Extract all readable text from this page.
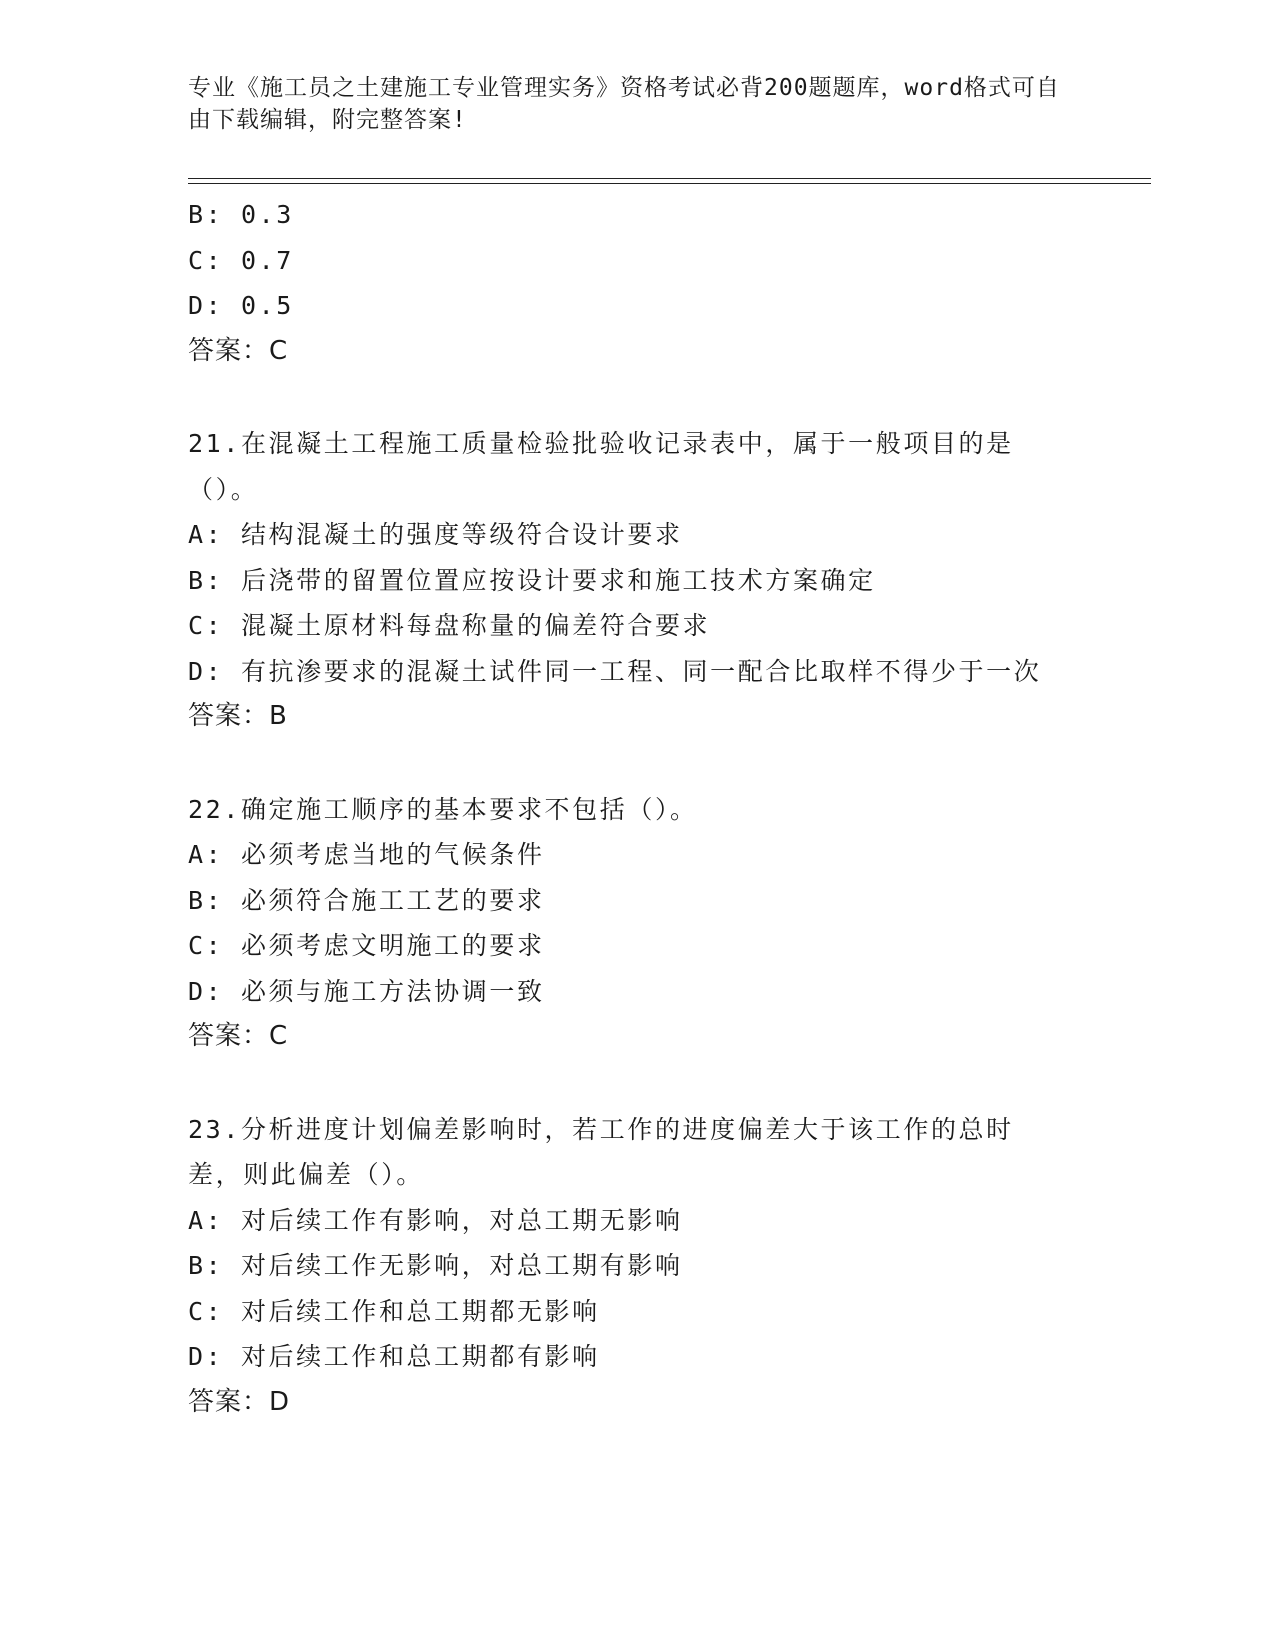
专业《施工员之土建施工专业管理实务》资格考试必背200题题库，word格式可自由下载编辑，附完整答案!
B: 0.3
C: 0.7
D: 0.5
答案：C
21.在混凝土工程施工质量检验批验收记录表中，属于一般项目的是（）。
A: 结构混凝土的强度等级符合设计要求
B: 后浇带的留置位置应按设计要求和施工技术方案确定
C: 混凝土原材料每盘称量的偏差符合要求
D: 有抗渗要求的混凝土试件同一工程、同一配合比取样不得少于一次
答案：B
22.确定施工顺序的基本要求不包括（）。
A: 必须考虑当地的气候条件
B: 必须符合施工工艺的要求
C: 必须考虑文明施工的要求
D: 必须与施工方法协调一致
答案：C
23.分析进度计划偏差影响时，若工作的进度偏差大于该工作的总时差，则此偏差（）。
A: 对后续工作有影响，对总工期无影响
B: 对后续工作无影响，对总工期有影响
C: 对后续工作和总工期都无影响
D: 对后续工作和总工期都有影响
答案：D
